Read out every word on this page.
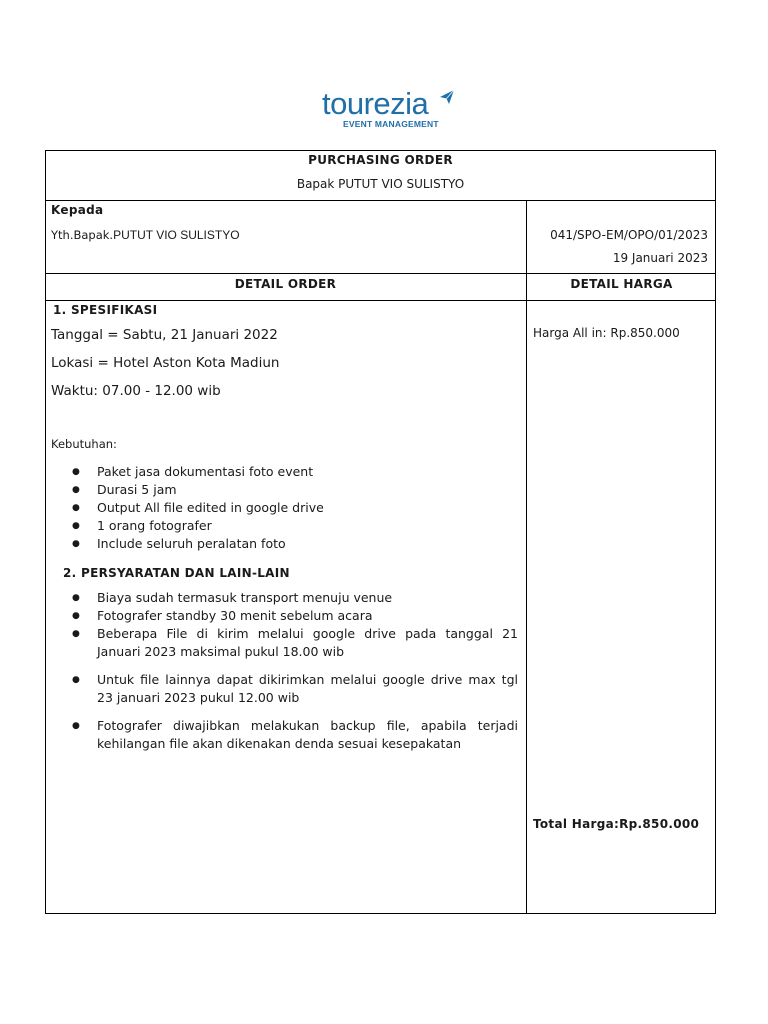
tourezia
EVENT MANAGEMENT
PURCHASING ORDER
Bapak PUTUT VIO SULISTYO
Kepada
Yth.Bapak.PUTUT VIO SULISTYO	041/SPO-EM/OPO/01/2023
19 Januari 2023
DETAIL ORDER	DETAIL HARGA
1. SPESIFIKASI
Tanggal = Sabtu, 21 Januari 2022
Lokasi = Hotel Aston Kota Madiun
Waktu: 07.00 - 12.00 wib
Kebutuhan:
● Paket jasa dokumentasi foto event
● Durasi 5 jam
● Output All file edited in google drive
● 1 orang fotografer
● Include seluruh peralatan foto
2. PERSYARATAN DAN LAIN-LAIN
● Biaya sudah termasuk transport menuju venue
● Fotografer standby 30 menit sebelum acara
● Beberapa File di kirim melalui google drive pada tanggal 21 Januari 2023 maksimal pukul 18.00 wib
● Untuk file lainnya dapat dikirimkan melalui google drive max tgl 23 januari 2023 pukul 12.00 wib
● Fotografer diwajibkan melakukan backup file, apabila terjadi kehilangan file akan dikenakan denda sesuai kesepakatan
Harga All in: Rp.850.000
Total Harga:Rp.850.000
